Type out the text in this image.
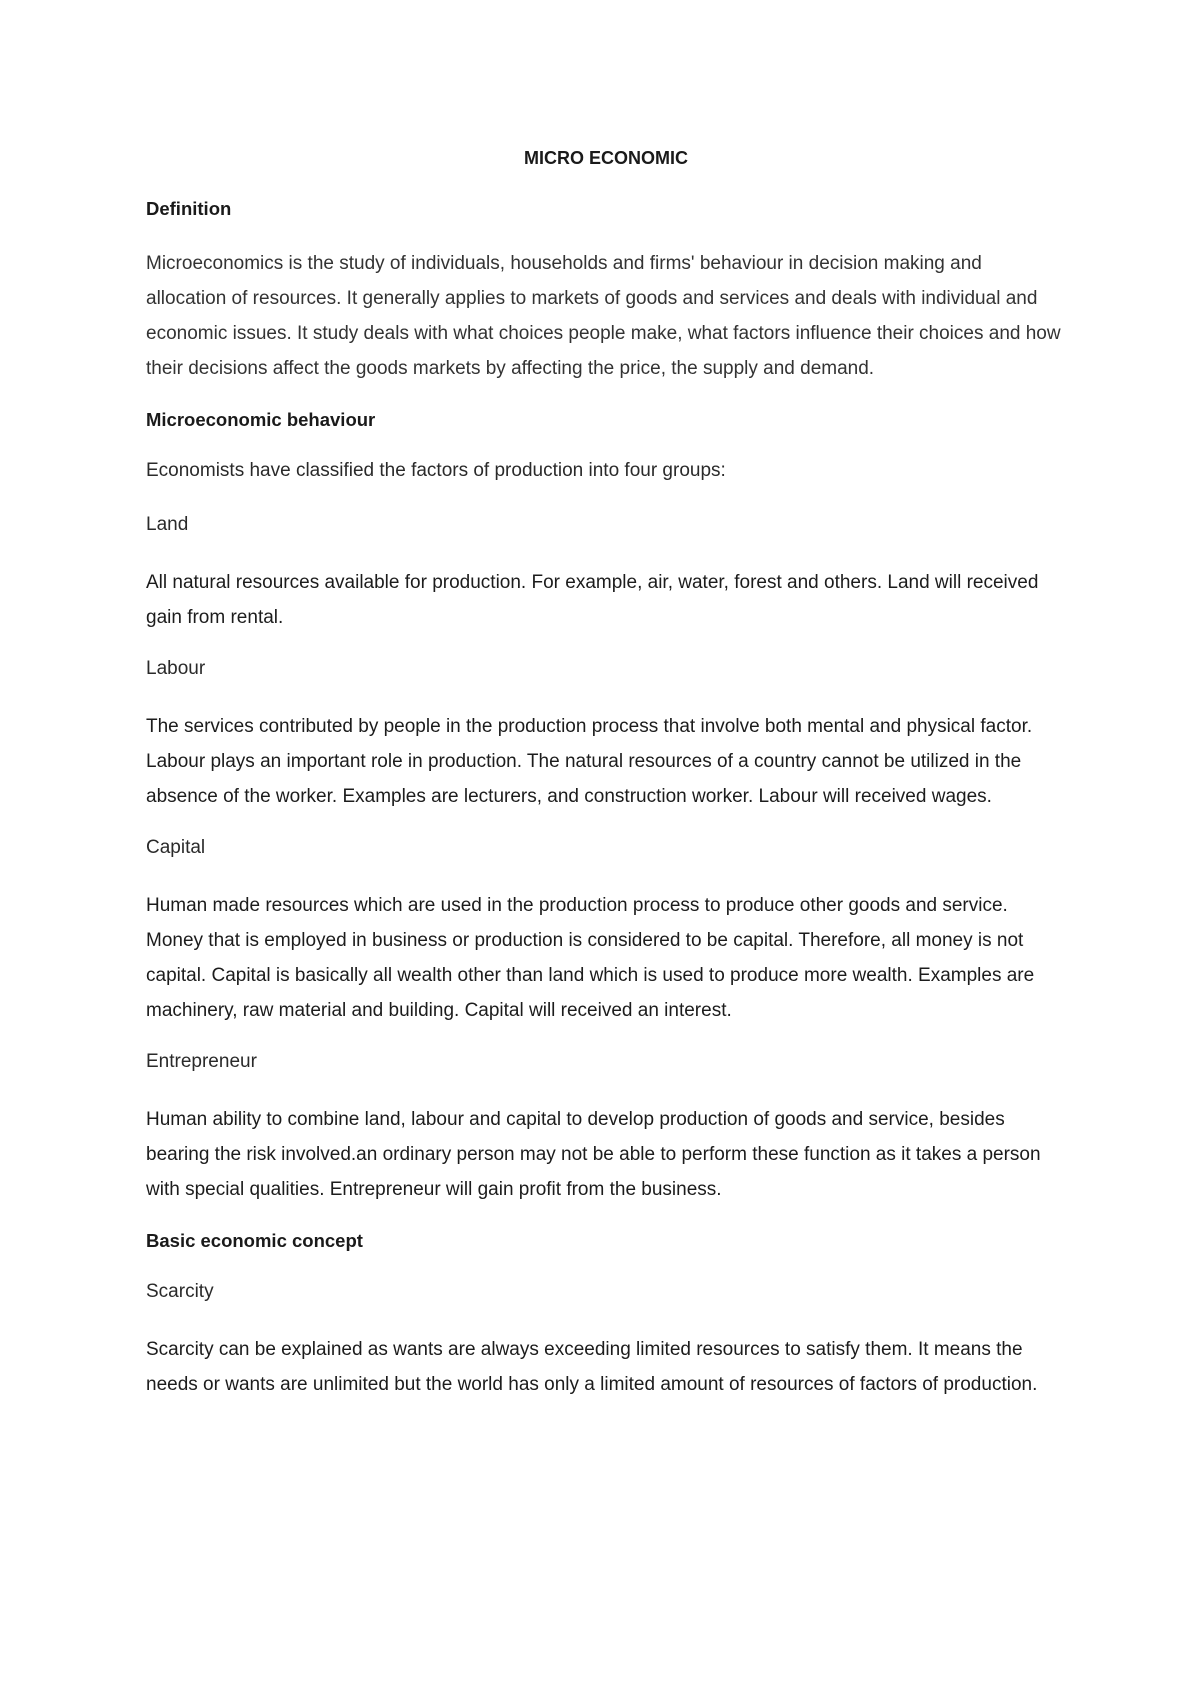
MICRO ECONOMIC
Definition
Microeconomics is the study of individuals, households and firms' behaviour in decision making and allocation of resources. It generally applies to markets of goods and services and deals with individual and economic issues. It study deals with what choices people make, what factors influence their choices and how their decisions affect the goods markets by affecting the price, the supply and demand.
Microeconomic behaviour
Economists have classified the factors of production into four groups:
Land
All natural resources available for production. For example, air, water, forest and others. Land will received gain from rental.
Labour
The services contributed by people in the production process that involve both mental and physical factor. Labour plays an important role in production. The natural resources of a country cannot be utilized in the absence of the worker. Examples are lecturers, and construction worker. Labour will received wages.
Capital
Human made resources which are used in the production process to produce other goods and service. Money that is employed in business or production is considered to be capital. Therefore, all money is not capital. Capital is basically all wealth other than land which is used to produce more wealth. Examples are machinery, raw material and building. Capital will received an interest.
Entrepreneur
Human ability to combine land, labour and capital to develop production of goods and service, besides bearing the risk involved.an ordinary person may not be able to perform these function as it takes a person with special qualities. Entrepreneur will gain profit from the business.
Basic economic concept
Scarcity
Scarcity can be explained as wants are always exceeding limited resources to satisfy them. It means the needs or wants are unlimited but the world has only a limited amount of resources of factors of production.
